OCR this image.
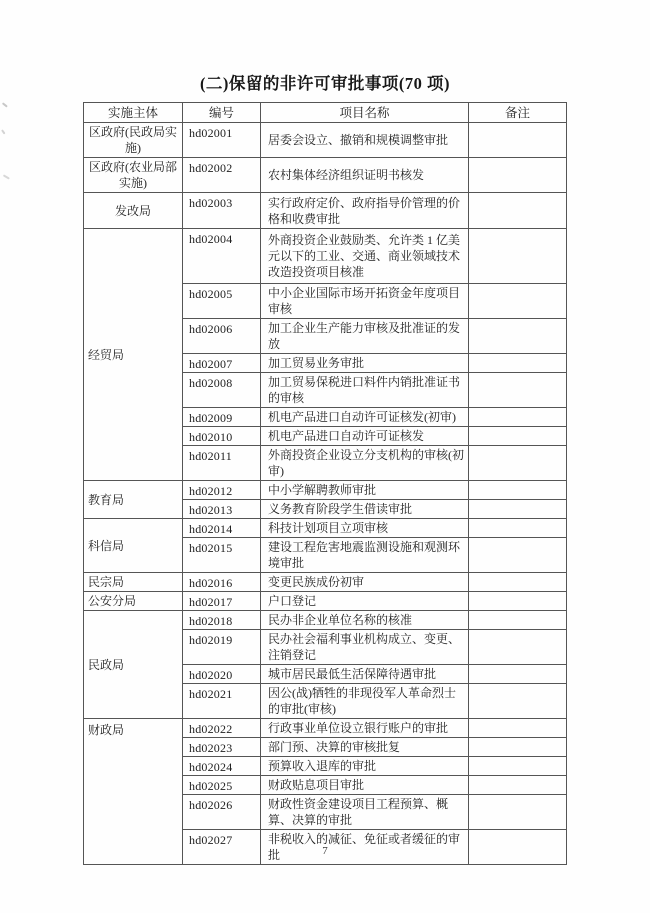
(二)保留的非许可审批事项(70 项)
实施主体	编号	项目名称	备注
区政府(民政局实施)	hd02001	居委会设立、撤销和规模调整审批	
区政府(农业局部实施)	hd02002	农村集体经济组织证明书核发	
发改局	hd02003	实行政府定价、政府指导价管理的价格和收费审批	
经贸局	hd02004	外商投资企业鼓励类、允许类 1 亿美元以下的工业、交通、商业领域技术改造投资项目核准	
	hd02005	中小企业国际市场开拓资金年度项目审核	
	hd02006	加工企业生产能力审核及批准证的发放	
	hd02007	加工贸易业务审批	
	hd02008	加工贸易保税进口料件内销批准证书的审核	
	hd02009	机电产品进口自动许可证核发(初审)	
	hd02010	机电产品进口自动许可证核发	
	hd02011	外商投资企业设立分支机构的审核(初审)	
教育局	hd02012	中小学解聘教师审批	
	hd02013	义务教育阶段学生借读审批	
科信局	hd02014	科技计划项目立项审核	
	hd02015	建设工程危害地震监测设施和观测环境审批	
民宗局	hd02016	变更民族成份初审	
公安分局	hd02017	户口登记	
民政局	hd02018	民办非企业单位名称的核准	
	hd02019	民办社会福利事业机构成立、变更、注销登记	
	hd02020	城市居民最低生活保障待遇审批	
	hd02021	因公(战)牺牲的非现役军人革命烈士的审批(审核)	
财政局	hd02022	行政事业单位设立银行账户的审批	
	hd02023	部门预、决算的审核批复	
	hd02024	预算收入退库的审批	
	hd02025	财政贴息项目审批	
	hd02026	财政性资金建设项目工程预算、概算、决算的审批	
	hd02027	非税收入的减征、免征或者缓征的审批		7
